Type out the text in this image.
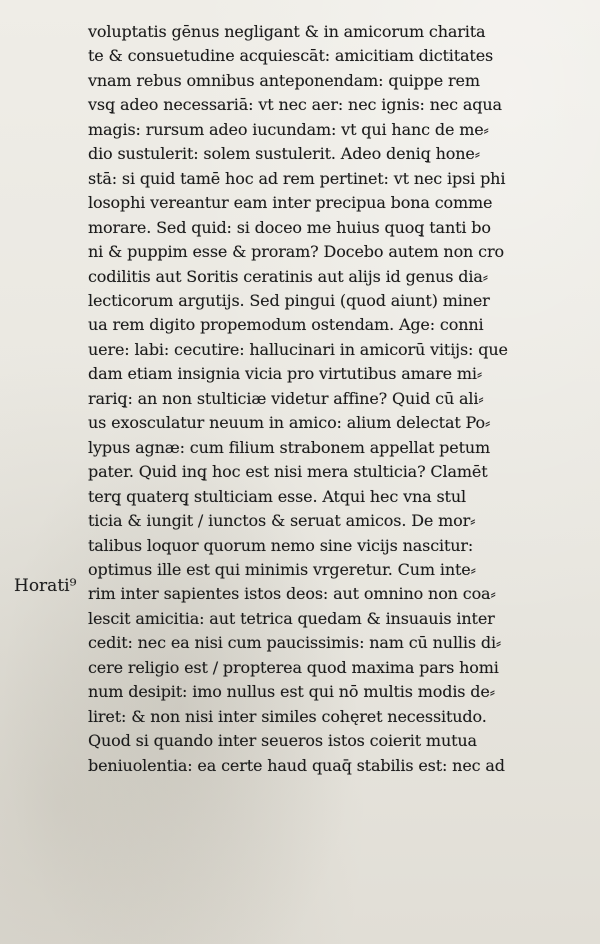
Horati⁹
voluptatis gēnus negligant & in amicorum charita
te & consuetudine acquiescāt: amicitiam dictitates
vnam rebus omnibus anteponendam: quippe rem
vsq̧ adeo necessariā: vt nec aer: nec ignis: nec aqua
magis: rursum adeo iucundam: vt qui hanc de me⸗
dio sustulerit: solem sustulerit. Adeo deniq̧ hone⸗
stā: si quid tamē hoc ad rem pertinet: vt nec ipsi phi
losophi vereantur eam inter precipua bona comme
morare. Sed quid: si doceo me huius quoq̧ tanti bo
ni & puppim esse & proram? Docebo autem non cro
codilitis aut Soritis ceratinis aut alijs id genus dia⸗
lecticorum argutijs. Sed pingui (quod aiunt) miner
ua rem digito propemodum ostendam. Age: conni
uere: labi: cecutire: hallucinari in amicorū vitijs: que
dam etiam insignia vicia pro virtutibus amare mi⸗
rariq̧: an non stulticiæ videtur affine? Quid cū ali⸗
us exosculatur neuum in amico: alium delectat Po⸗
lypus agnæ: cum filium strabonem appellat petum
pater. Quid inq̧ hoc est nisi mera stulticia? Clamēt
terq̧ quaterq̧ stulticiam esse. Atqui hec vna stul
ticia & iungit / iunctos & seruat amicos. De mor⸗
talibus loquor quorum nemo sine vicijs nascitur:
optimus ille est qui minimis vrgeretur. Cum inte⸗
rim inter sapientes istos deos: aut omnino non coa⸗
lescit amicitia: aut tetrica quedam & insuauis inter
cedit: nec ea nisi cum paucissimis: nam cū nullis di⸗
cere religio est / propterea quod maxima pars homi
num desipit: imo nullus est qui nō multis modis de⸗
liret: & non nisi inter similes cohęret necessitudo.
Quod si quando inter seueros istos coierit mutua
beniuolentia: ea certe haud quaq̄ stabilis est: nec ad
